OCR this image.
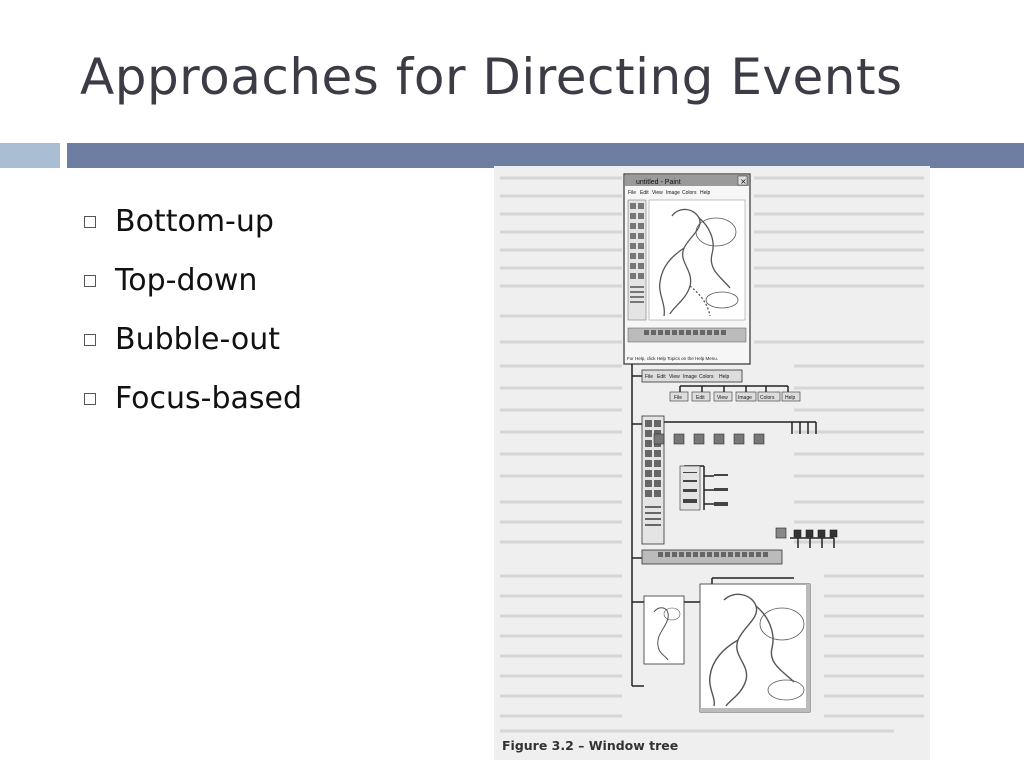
Approaches for Directing Events
Bottom-up
Top-down
Bubble-out
Focus-based
untitled - Paint	×
File Edit View Image Colors Help
For Help, click Help Topics on the Help Menu.
File Edit View Image Colors Help
File	Edit View Image Colors Help
Figure 3.2 – Window tree
